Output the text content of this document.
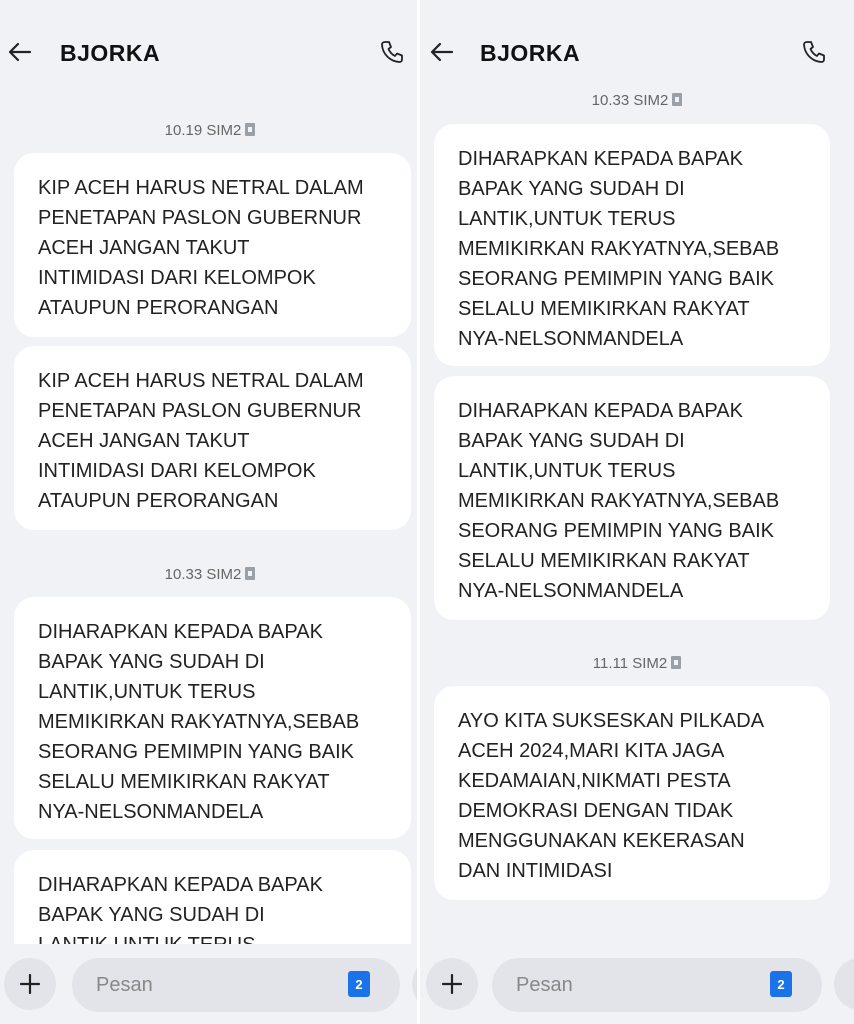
BJORKA
10.19 SIM2
KIP ACEH HARUS NETRAL DALAM
PENETAPAN PASLON GUBERNUR
ACEH JANGAN TAKUT
INTIMIDASI DARI KELOMPOK
ATAUPUN PERORANGAN
KIP ACEH HARUS NETRAL DALAM
PENETAPAN PASLON GUBERNUR
ACEH JANGAN TAKUT
INTIMIDASI DARI KELOMPOK
ATAUPUN PERORANGAN
10.33 SIM2
DIHARAPKAN KEPADA BAPAK
BAPAK YANG SUDAH DI
LANTIK,UNTUK TERUS
MEMIKIRKAN RAKYATNYA,SEBAB
SEORANG PEMIMPIN YANG BAIK
SELALU MEMIKIRKAN RAKYAT
NYA-NELSONMANDELA
DIHARAPKAN KEPADA BAPAK
BAPAK YANG SUDAH DI
Pesan	2
BJORKA
10.33 SIM2
DIHARAPKAN KEPADA BAPAK
BAPAK YANG SUDAH DI
LANTIK,UNTUK TERUS
MEMIKIRKAN RAKYATNYA,SEBAB
SEORANG PEMIMPIN YANG BAIK
SELALU MEMIKIRKAN RAKYAT
NYA-NELSONMANDELA
DIHARAPKAN KEPADA BAPAK
BAPAK YANG SUDAH DI
LANTIK,UNTUK TERUS
MEMIKIRKAN RAKYATNYA,SEBAB
SEORANG PEMIMPIN YANG BAIK
SELALU MEMIKIRKAN RAKYAT
NYA-NELSONMANDELA
11.11 SIM2
AYO KITA SUKSESKAN PILKADA
ACEH 2024,MARI KITA JAGA
KEDAMAIAN,NIKMATI PESTA
DEMOKRASI DENGAN TIDAK
MENGGUNAKAN KEKERASAN
DAN INTIMIDASI
Pesan	2
